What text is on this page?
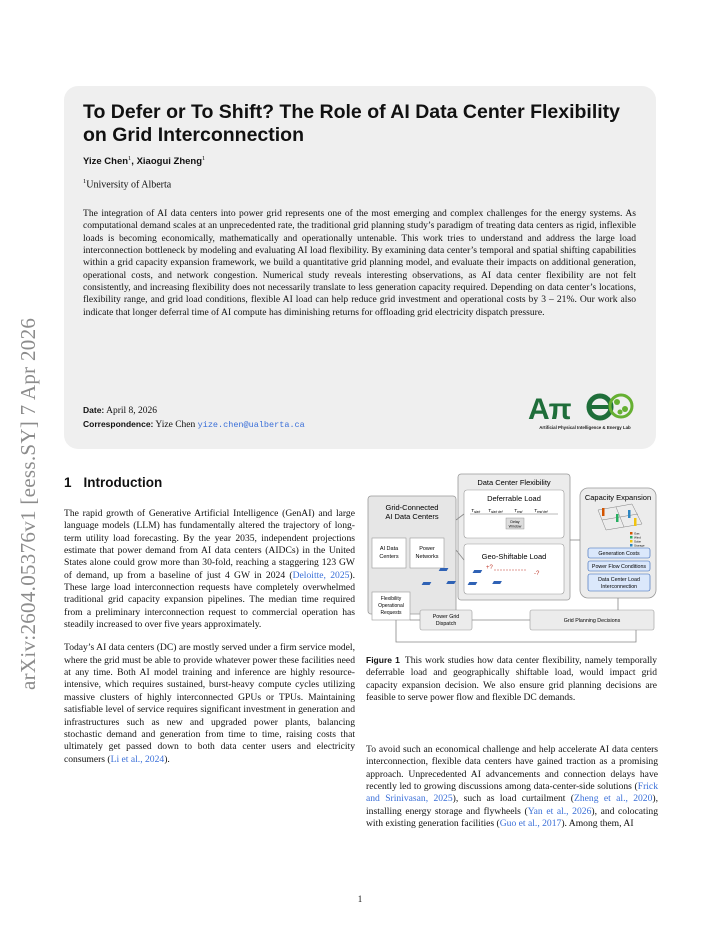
arXiv:2604.05376v1 [eess.SY] 7 Apr 2026
To Defer or To Shift? The Role of AI Data Center Flexibility on Grid Interconnection
Yize Chen$^1$, Xiaogui Zheng$^1$
$^1$University of Alberta

The integration of AI data centers into power grid represents one of the most emerging and complex challenges for the energy systems. As computational demand scales at an unprecedented rate, the traditional grid planning study’s paradigm of treating data centers as rigid, inflexible loads is becoming economically, mathematically and operationally untenable. This work tries to understand and address the large load interconnection bottleneck by modeling and evaluating AI load flexibility. By examining data center’s temporal and spatial shifting capabilities within a grid capacity expansion framework, we build a quantitative grid planning model, and evaluate their impacts on additional generation, operational costs, and network congestion. Numerical study reveals interesting observations, as AI data center flexibility are not felt consistently, and increasing flexibility does not necessarily translate to less generation capacity required. Depending on data center’s locations, flexibility range, and grid load conditions, flexible AI load can help reduce grid investment and operational costs by 3 – 21%. Our work also indicate that longer deferral time of AI compute has diminishing returns for offloading grid electricity dispatch pressure.

Date: April 8, 2026
Correspondence: Yize Chen yize.chen@ualberta.ca	Aπ
Artificial Physical Intelligence & Energy Lab
1 Introduction

The rapid growth of Generative Artificial Intelligence (GenAI) and large language models (LLM) has fundamentally altered the trajectory of long-term utility load forecasting. By the year 2035, independent projections estimate that power demand from AI data centers (AIDCs) in the United States alone could grow more than 30-fold, reaching a staggering 123 GW of demand, up from a baseline of just 4 GW in 2024 (Deloitte, 2025). These large load interconnection requests have completely overwhelmed traditional grid capacity expansion pipelines. The median time required from a preliminary interconnection request to commercial operation has steadily increased to over five years approximately.

Today’s AI data centers (DC) are mostly served under a firm service model, where the grid must be able to provide whatever power these facilities need at any time. Both AI model training and inference are highly resource-intensive, which requires sustained, burst-heavy compute cycles utilizing massive clusters of highly interconnected GPUs or TPUs. Maintaining satisfiable level of service requires significant investment in generation and infrastructures such as new and upgraded power plants, balancing stochastic demand and generation from time to time, raising costs that ultimately get passed down to both data center users and electricity consumers (Li et al., 2024).

Grid-Connected
AI Data Centers
AI Data
Centers
Power
Networks
Flexibility
Operational
Requests
Data Center Flexibility
Deferrable Load
$T_{start}$ $T_{start def}$ $T_{end}$ $T_{end def}$
Delay
Window
Geo-Shiftable Load
+?
-?
Capacity Expansion
Gas
Wind
Solar
Storage
Generation Costs
Power Flow Conditions
Data Center Load
Interconnection
Power Grid
Dispatch	Grid Planning Decisions

Figure 1 This work studies how data center flexibility, namely temporally deferrable load and geographically shiftable load, would impact grid capacity expansion decision. We also ensure grid planning decisions are feasible to serve power flow and flexible DC demands.

To avoid such an economical challenge and help accelerate AI data centers interconnection, flexible data centers have gained traction as a promising approach. Unprecedented AI advancements and connection delays have recently led to growing discussions among data-center-side solutions (Frick and Srinivasan, 2025), such as load curtailment (Zheng et al., 2020), installing energy storage and flywheels (Yan et al., 2026), and colocating with existing generation facilities (Guo et al., 2017). Among them, AI

1
